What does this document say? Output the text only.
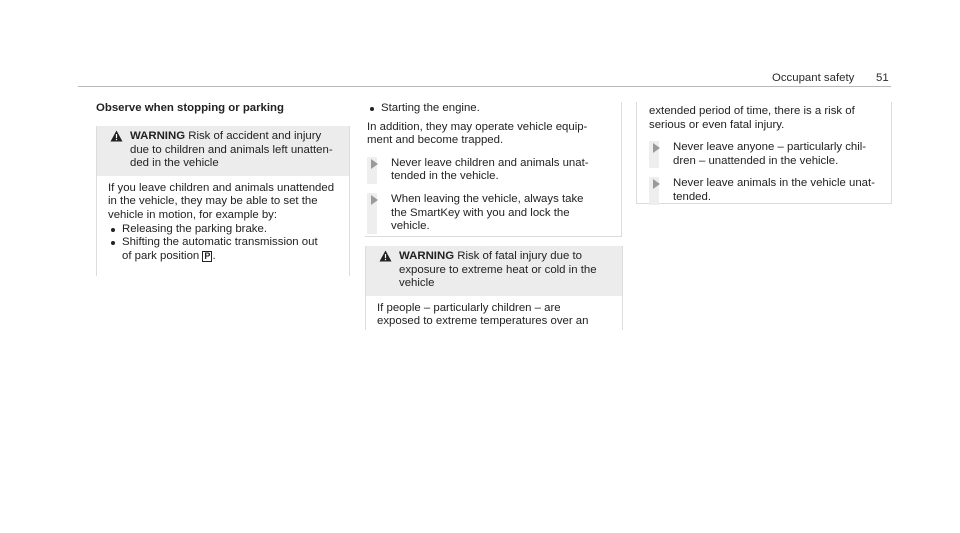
Occupant safety 51
Observe when stopping or parking
WARNING Risk of accident and injury
due to children and animals left unatten-
ded in the vehicle
If you leave children and animals unattended
in the vehicle, they may be able to set the
vehicle in motion, for example by:
Releasing the parking brake.
Shifting the automatic transmission out
of park position P .
Starting the engine.
In addition, they may operate vehicle equip-
ment and become trapped.
Never leave children and animals unat-
tended in the vehicle.
When leaving the vehicle, always take
the SmartKey with you and lock the
vehicle.
WARNING Risk of fatal injury due to
exposure to extreme heat or cold in the
vehicle
If people – particularly children – are
exposed to extreme temperatures over an
extended period of time, there is a risk of
serious or even fatal injury.
Never leave anyone – particularly chil-
dren – unattended in the vehicle.
Never leave animals in the vehicle unat-
tended.
